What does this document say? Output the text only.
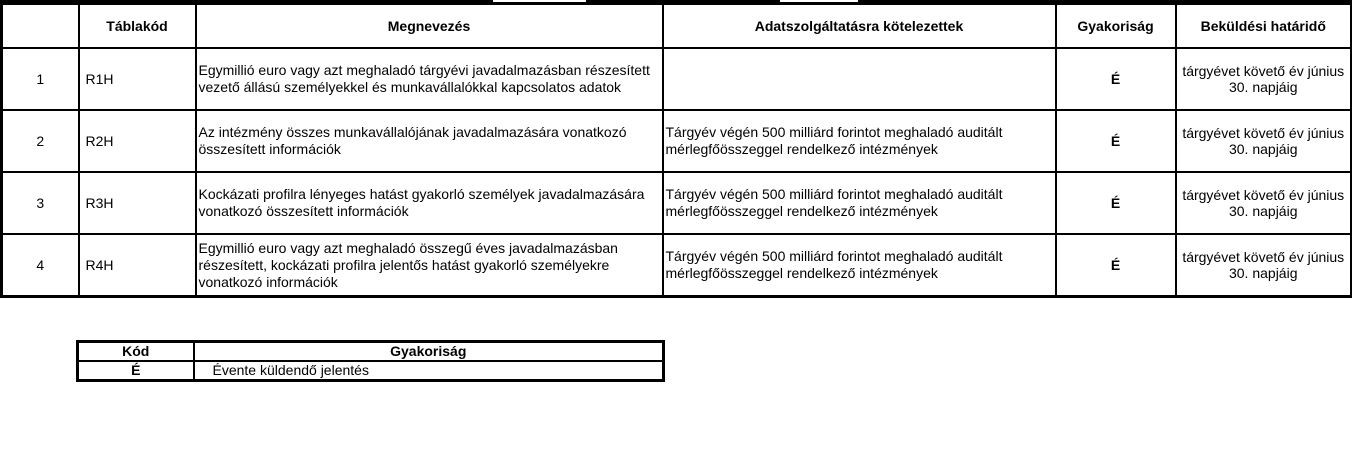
	Táblakód	Megnevezés	Adatszolgáltatásra kötelezettek	Gyakoriság	Beküldési határidő
1	R1H	Egymillió euro vagy azt meghaladó tárgyévi javadalmazásban részesített vezető állású személyekkel és munkavállalókkal kapcsolatos adatok		É	tárgyévet követő év június 30. napjáig
2	R2H	Az intézmény összes munkavállalójának javadalmazására vonatkozó összesített információk	Tárgyév végén 500 milliárd forintot meghaladó auditált mérlegfőösszeggel rendelkező intézmények	É	tárgyévet követő év június 30. napjáig
3	R3H	Kockázati profilra lényeges hatást gyakorló személyek javadalmazására vonatkozó összesített információk	Tárgyév végén 500 milliárd forintot meghaladó auditált mérlegfőösszeggel rendelkező intézmények	É	tárgyévet követő év június 30. napjáig
4	R4H	Egymillió euro vagy azt meghaladó összegű éves javadalmazásban részesített, kockázati profilra jelentős hatást gyakorló személyekre vonatkozó információk	Tárgyév végén 500 milliárd forintot meghaladó auditált mérlegfőösszeggel rendelkező intézmények	É	tárgyévet követő év június 30. napjáig
Kód	Gyakoriság
É	Évente küldendő jelentés
